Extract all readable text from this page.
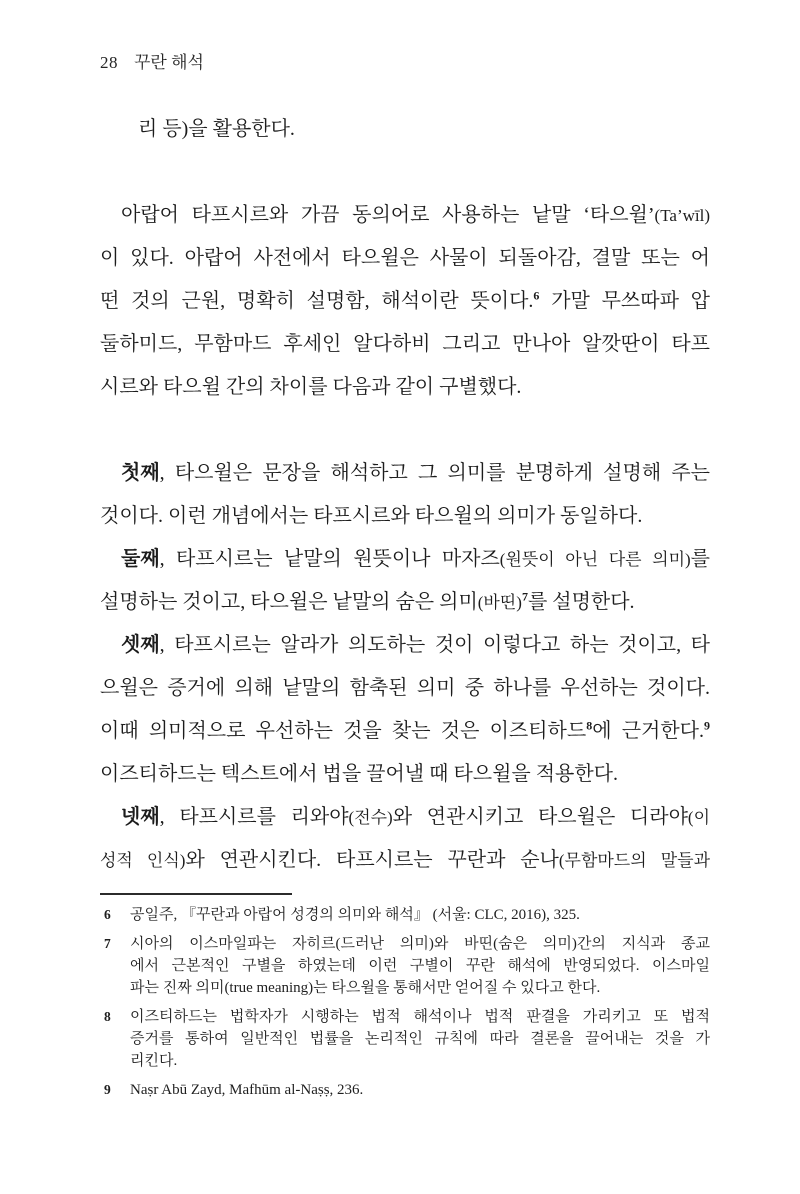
28 꾸란 해석
리 등)을 활용한다.
아랍어 타프시르와 가끔 동의어로 사용하는 낱말 ‘타으윌’(Ta’wīl)
이 있다. 아랍어 사전에서 타으윌은 사물이 되돌아감, 결말 또는 어
떤 것의 근원, 명확히 설명함, 해석이란 뜻이다.$^6$ 가말 무쓰따파 압
둘하미드, 무함마드 후세인 알다하비 그리고 만나아 알깟딴이 타프
시르와 타으윌 간의 차이를 다음과 같이 구별했다.
첫째, 타으윌은 문장을 해석하고 그 의미를 분명하게 설명해 주는
것이다. 이런 개념에서는 타프시르와 타으윌의 의미가 동일하다.
둘째, 타프시르는 낱말의 원뜻이나 마자즈(원뜻이 아닌 다른 의미)를
설명하는 것이고, 타으윌은 낱말의 숨은 의미(바띤)$^7$를 설명한다.
셋째, 타프시르는 알라가 의도하는 것이 이렇다고 하는 것이고, 타
으윌은 증거에 의해 낱말의 함축된 의미 중 하나를 우선하는 것이다.
이때 의미적으로 우선하는 것을 찾는 것은 이즈티하드$^8$에 근거한다.$^9$
이즈티하드는 텍스트에서 법을 끌어낼 때 타으윌을 적용한다.
넷째, 타프시르를 리와야(전수)와 연관시키고 타으윌은 디라야(이
성적 인식)와 연관시킨다. 타프시르는 꾸란과 순나(무함마드의 말들과
6	공일주, 『꾸란과 아랍어 성경의 의미와 해석』 (서울: CLC, 2016), 325.
7	시아의 이스마일파는 자히르(드러난 의미)와 바띤(숨은 의미)간의 지식과 종교
에서 근본적인 구별을 하였는데 이런 구별이 꾸란 해석에 반영되었다. 이스마일
파는 진짜 의미(true meaning)는 타으윌을 통해서만 얻어질 수 있다고 한다.
8	이즈티하드는 법학자가 시행하는 법적 해석이나 법적 판결을 가리키고 또 법적
증거를 통하여 일반적인 법률을 논리적인 규칙에 따라 결론을 끌어내는 것을 가
리킨다.
9	Naṣr Abū Zayd, Mafhūm al-Naṣṣ, 236.
